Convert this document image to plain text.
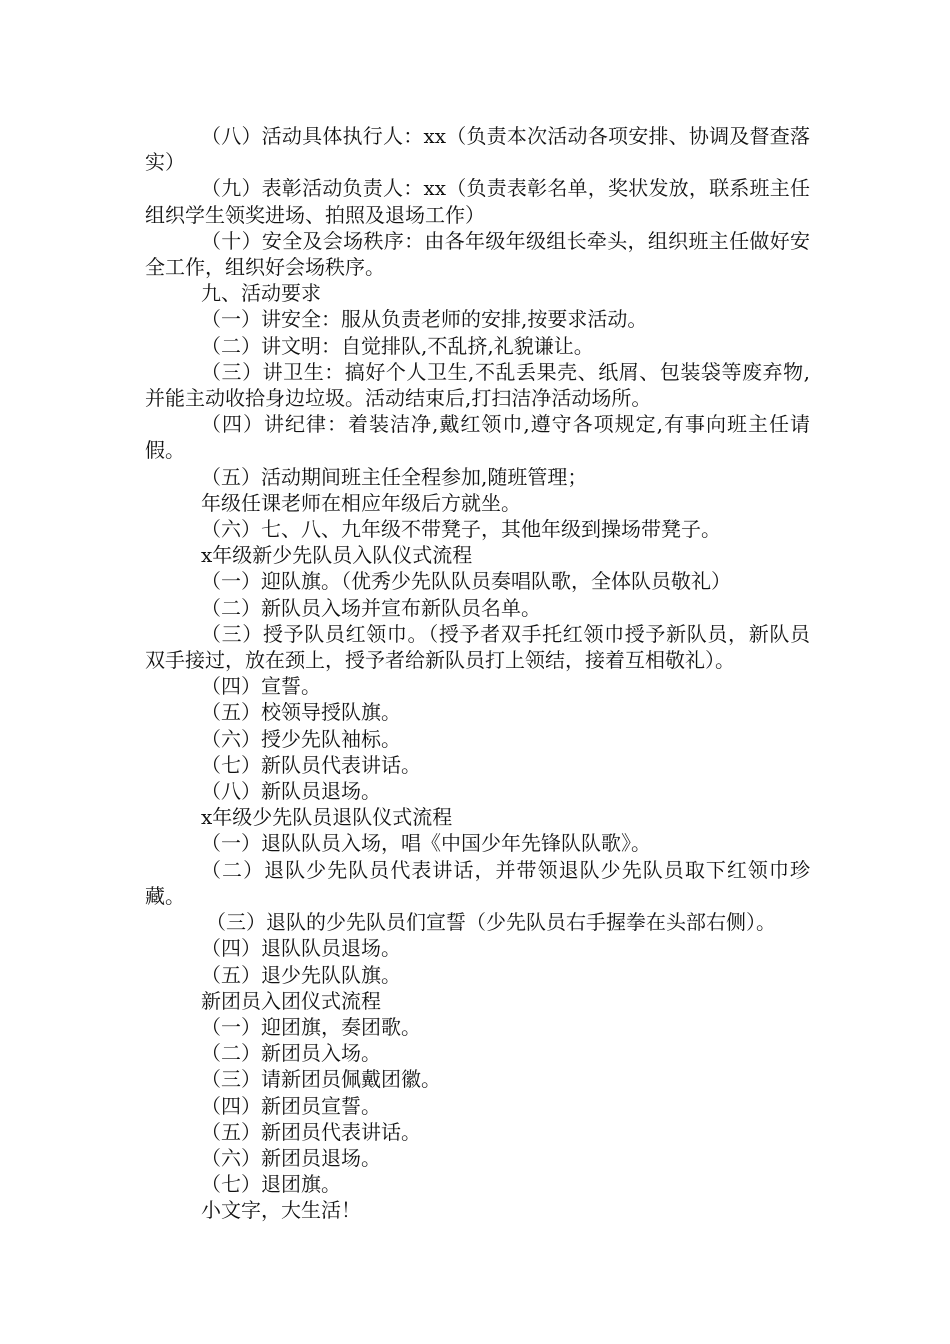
（八）活动具体执行人：xx（负责本次活动各项安排、协调及督查落实）

（九）表彰活动负责人：xx（负责表彰名单，奖状发放，联系班主任组织学生领奖进场、拍照及退场工作）

（十）安全及会场秩序：由各年级年级组长牵头，组织班主任做好安全工作，组织好会场秩序。

九、活动要求

（一）讲安全：服从负责老师的安排,按要求活动。

（二）讲文明：自觉排队,不乱挤,礼貌谦让。

（三）讲卫生：搞好个人卫生,不乱丢果壳、纸屑、包装袋等废弃物,并能主动收拾身边垃圾。活动结束后,打扫洁净活动场所。

（四）讲纪律：着装洁净,戴红领巾,遵守各项规定,有事向班主任请假。

（五）活动期间班主任全程参加,随班管理；

年级任课老师在相应年级后方就坐。

（六）七、八、九年级不带凳子，其他年级到操场带凳子。

x年级新少先队员入队仪式流程

（一）迎队旗。（优秀少先队队员奏唱队歌，全体队员敬礼）

（二）新队员入场并宣布新队员名单。

（三）授予队员红领巾。（授予者双手托红领巾授予新队员，新队员双手接过，放在颈上，授予者给新队员打上领结，接着互相敬礼）。

（四）宣誓。

（五）校领导授队旗。

（六）授少先队袖标。

（七）新队员代表讲话。

（八）新队员退场。

x年级少先队员退队仪式流程

（一）退队队员入场，唱《中国少年先锋队队歌》。

（二）退队少先队员代表讲话，并带领退队少先队员取下红领巾珍藏。

（三）退队的少先队员们宣誓（少先队员右手握拳在头部右侧）。

（四）退队队员退场。

（五）退少先队队旗。

新团员入团仪式流程

（一）迎团旗，奏团歌。

（二）新团员入场。

（三）请新团员佩戴团徽。

（四）新团员宣誓。

（五）新团员代表讲话。

（六）新团员退场。

（七）退团旗。

小文字，大生活！
